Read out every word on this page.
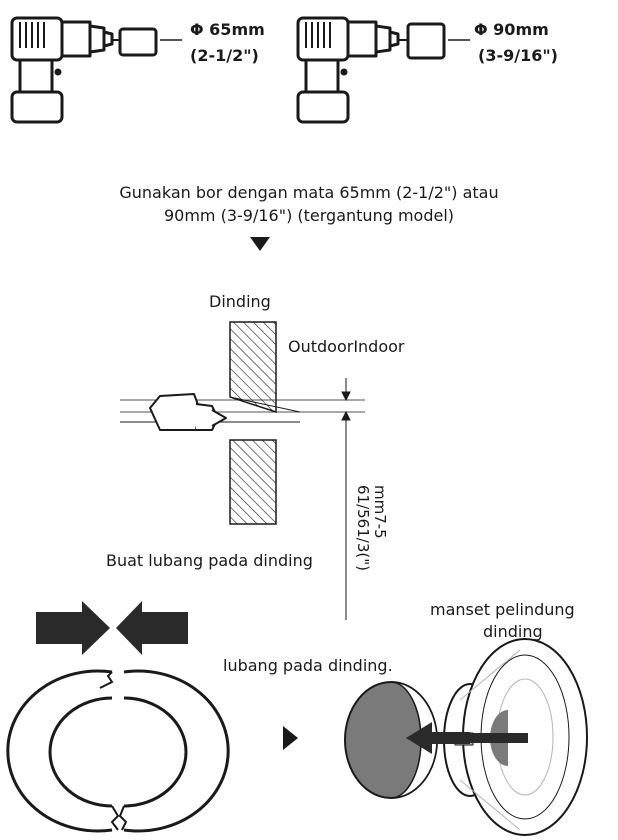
Φ 65mm
(2-1/2")
Φ 90mm
(3-9/16")
Gunakan bor dengan mata 65mm (2-1/2") atau
90mm (3-9/16") (tergantung model)
Dinding
OutdoorIndoor
mm7-5
61/5​61/3(")
Buat lubang pada dinding
manset pelindung
dinding
lubang pada dinding.
